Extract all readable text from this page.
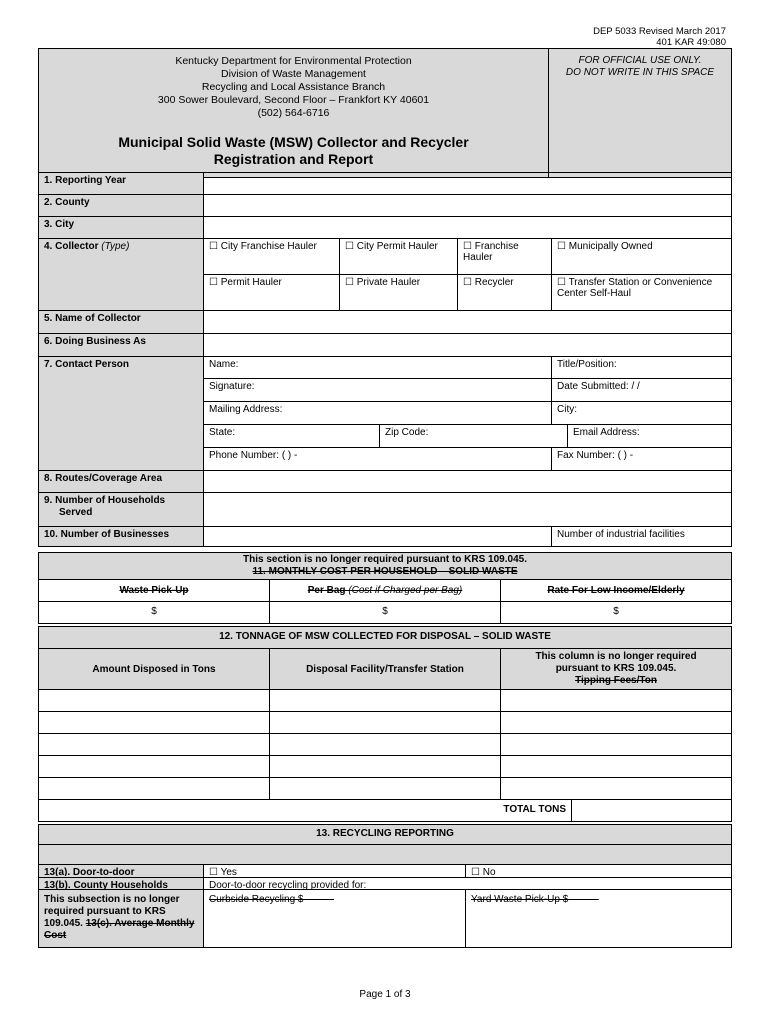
DEP 5033 Revised March 2017
401 KAR 49:080
Kentucky Department for Environmental Protection
Division of Waste Management
Recycling and Local Assistance Branch
300 Sower Boulevard, Second Floor – Frankfort KY 40601
(502) 564-6716
Municipal Solid Waste (MSW) Collector and Recycler
Registration and Report

FOR OFFICIAL USE ONLY.
DO NOT WRITE IN THIS SPACE
1. Reporting Year						
2. County						
3. City						
4. Collector (Type)	☐ City Franchise Hauler	☐ City Permit Hauler		☐ Franchise Hauler	☐ Municipally Owned	
	☐ Permit Hauler	☐ Private Hauler		☐ Recycler	☐ Transfer Station or Convenience Center Self-Haul	
5. Name of Collector						
6. Doing Business As						
7. Contact Person	Name:				Title/Position:	
	Signature:				Date Submitted: / /	
	Mailing Address:				City:	
	State:		Zip Code:			Email Address:
	Phone Number: ( ) -				Fax Number: ( ) -	
8. Routes/Coverage Area						

9. Number of Households
Served						

10. Number of Businesses					Number of industrial facilities	
This section is no longer required pursuant to KRS 109.045.
11. MONTHLY COST PER HOUSEHOLD – SOLID WASTE		

Waste Pick-Up	Per Bag (Cost if Charged per Bag)	Rate For Low Income/Elderly
$	$	$
12. TONNAGE OF MSW COLLECTED FOR DISPOSAL – SOLID WASTE			
Amount Disposed in Tons	Disposal Facility/Transfer Station	This column is no longer required
pursuant to KRS 109.045.
Tipping Fees/Ton	

TOTAL TONS			
13. RECYCLING REPORTING		

13(a). Door-to-door	☐ Yes	☐ No

13(b). County Households	Door-to-door recycling provided for:	

This subsection is no longer required pursuant to KRS 109.045. 13(c). Average Monthly Cost	Curbside Recycling $	Yard Waste Pick-Up $
Page 1 of 3
